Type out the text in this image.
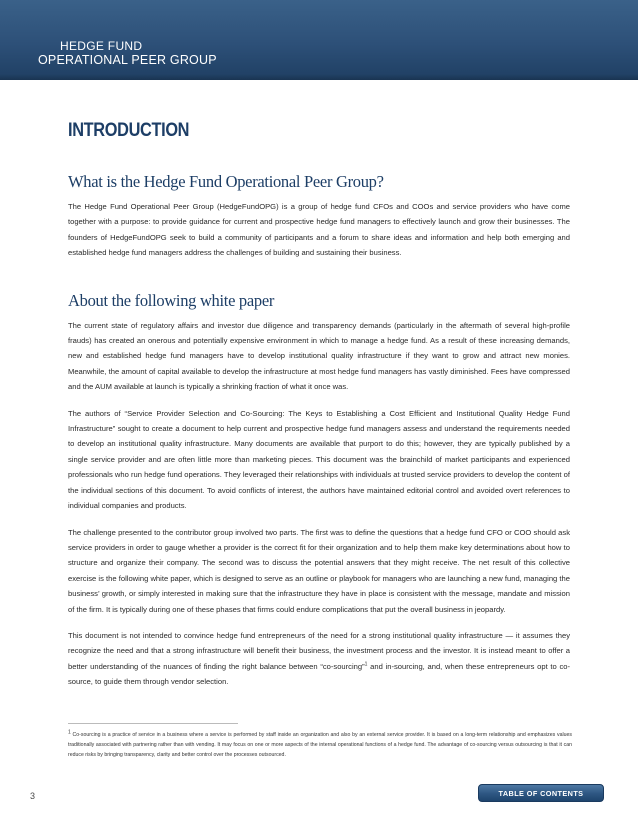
HEDGE FUND
OPERATIONAL PEER GROUP
INTRODUCTION
What is the Hedge Fund Operational Peer Group?

The Hedge Fund Operational Peer Group (HedgeFundOPG) is a group of hedge fund CFOs and COOs and service providers who have come together with a purpose: to provide guidance for current and prospective hedge fund managers to effectively launch and grow their businesses. The founders of HedgeFundOPG seek to build a community of participants and a forum to share ideas and information and help both emerging and established hedge fund managers address the challenges of building and sustaining their business.

About the following white paper

The current state of regulatory affairs and investor due diligence and transparency demands (particularly in the aftermath of several high-profile frauds) has created an onerous and potentially expensive environment in which to manage a hedge fund. As a result of these increasing demands, new and established hedge fund managers have to develop institutional quality infrastructure if they want to grow and attract new monies. Meanwhile, the amount of capital available to develop the infrastructure at most hedge fund managers has vastly diminished. Fees have compressed and the AUM available at launch is typically a shrinking fraction of what it once was.

The authors of “Service Provider Selection and Co-Sourcing: The Keys to Establishing a Cost Efficient and Institutional Quality Hedge Fund Infrastructure” sought to create a document to help current and prospective hedge fund managers assess and understand the requirements needed to develop an institutional quality infrastructure. Many documents are available that purport to do this; however, they are typically published by a single service provider and are often little more than marketing pieces. This document was the brainchild of market participants and experienced professionals who run hedge fund operations. They leveraged their relationships with individuals at trusted service providers to develop the content of the individual sections of this document. To avoid conflicts of interest, the authors have maintained editorial control and avoided overt references to individual companies and products.

The challenge presented to the contributor group involved two parts. The first was to define the questions that a hedge fund CFO or COO should ask service providers in order to gauge whether a provider is the correct fit for their organization and to help them make key determinations about how to structure and organize their company. The second was to discuss the potential answers that they might receive. The net result of this collective exercise is the following white paper, which is designed to serve as an outline or playbook for managers who are launching a new fund, managing the business’ growth, or simply interested in making sure that the infrastructure they have in place is consistent with the message, mandate and mission of the firm. It is typically during one of these phases that firms could endure complications that put the overall business in jeopardy.

This document is not intended to convince hedge fund entrepreneurs of the need for a strong institutional quality infrastructure — it assumes they recognize the need and that a strong infrastructure will benefit their business, the investment process and the investor. It is instead meant to offer a better understanding of the nuances of finding the right balance between “co-sourcing”$^1$ and in-sourcing, and, when these entrepreneurs opt to co-source, to guide them through vendor selection.

$^1$ Co-sourcing is a practice of service in a business where a service is performed by staff inside an organization and also by an external service provider. It is based on a long-term relationship and emphasizes values traditionally associated with partnering rather than with vending. It may focus on one or more aspects of the internal operational functions of a hedge fund. The advantage of co-sourcing versus outsourcing is that it can reduce risks by bringing transparency, clarity and better control over the processes outsourced.

3	TABLE OF CONTENTS
